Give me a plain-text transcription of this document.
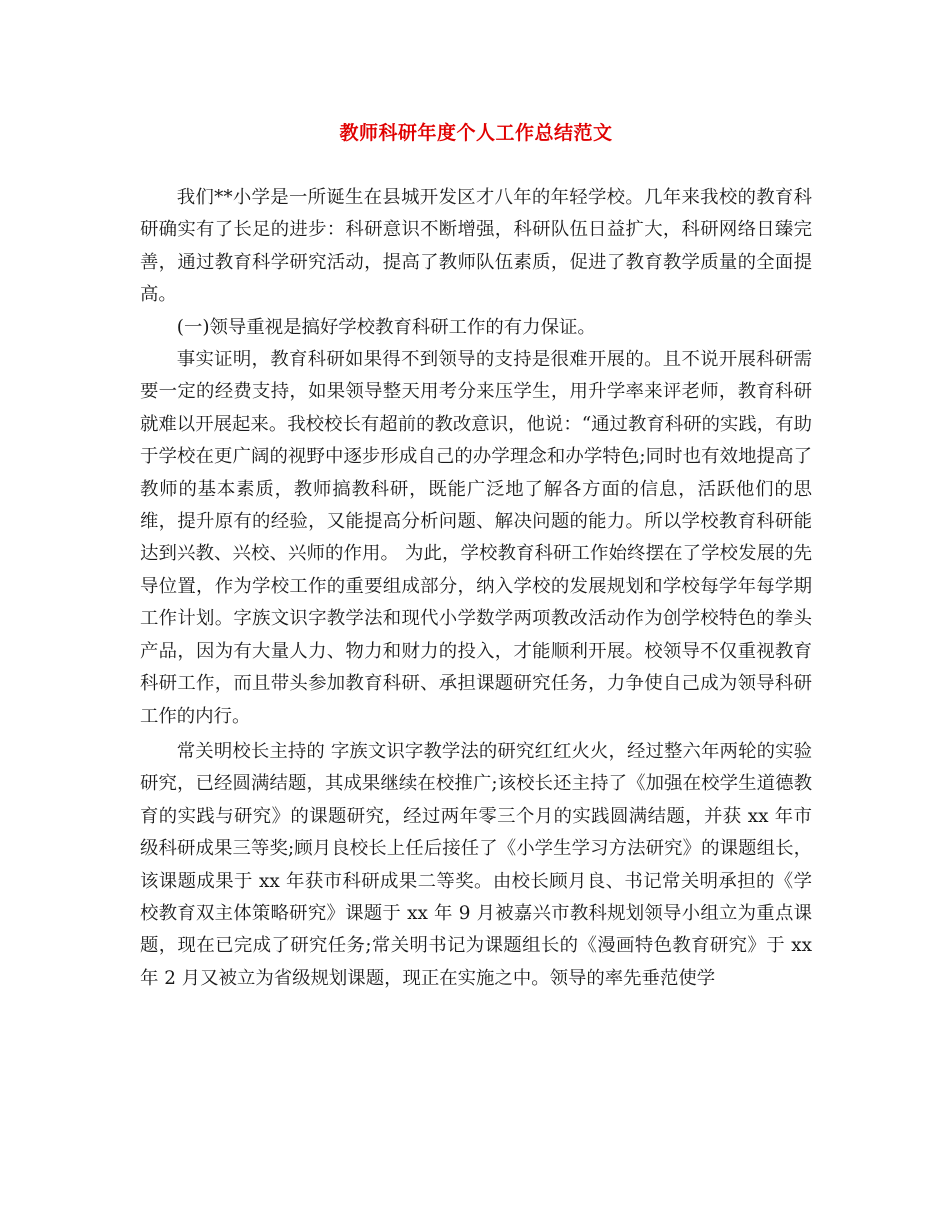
教师科研年度个人工作总结范文

我们**小学是一所诞生在县城开发区才八年的年轻学校。几年来我校的教育科研确实有了长足的进步：科研意识不断增强，科研队伍日益扩大，科研网络日臻完善，通过教育科学研究活动，提高了教师队伍素质，促进了教育教学质量的全面提高。

(一)领导重视是搞好学校教育科研工作的有力保证。

事实证明，教育科研如果得不到领导的支持是很难开展的。且不说开展科研需要一定的经费支持，如果领导整天用考分来压学生，用升学率来评老师，教育科研就难以开展起来。我校校长有超前的教改意识，他说：“通过教育科研的实践，有助于学校在更广阔的视野中逐步形成自己的办学理念和办学特色;同时也有效地提高了教师的基本素质，教师搞教科研，既能广泛地了解各方面的信息，活跃他们的思维，提升原有的经验，又能提高分析问题、解决问题的能力。所以学校教育科研能达到兴教、兴校、兴师的作用。 为此，学校教育科研工作始终摆在了学校发展的先导位置，作为学校工作的重要组成部分，纳入学校的发展规划和学校每学年每学期工作计划。字族文识字教学法和现代小学数学两项教改活动作为创学校特色的拳头产品，因为有大量人力、物力和财力的投入，才能顺利开展。校领导不仅重视教育科研工作，而且带头参加教育科研、承担课题研究任务，力争使自己成为领导科研工作的内行。

常关明校长主持的 字族文识字教学法的研究红红火火，经过整六年两轮的实验研究，已经圆满结题，其成果继续在校推广;该校长还主持了《加强在校学生道德教育的实践与研究》的课题研究，经过两年零三个月的实践圆满结题，并获 xx 年市级科研成果三等奖;顾月良校长上任后接任了《小学生学习方法研究》的课题组长，该课题成果于 xx 年获市科研成果二等奖。由校长顾月良、书记常关明承担的《学校教育双主体策略研究》课题于 xx 年 9 月被嘉兴市教科规划领导小组立为重点课题，现在已完成了研究任务;常关明书记为课题组长的《漫画特色教育研究》于 xx 年 2 月又被立为省级规划课题，现正在实施之中。领导的率先垂范使学
